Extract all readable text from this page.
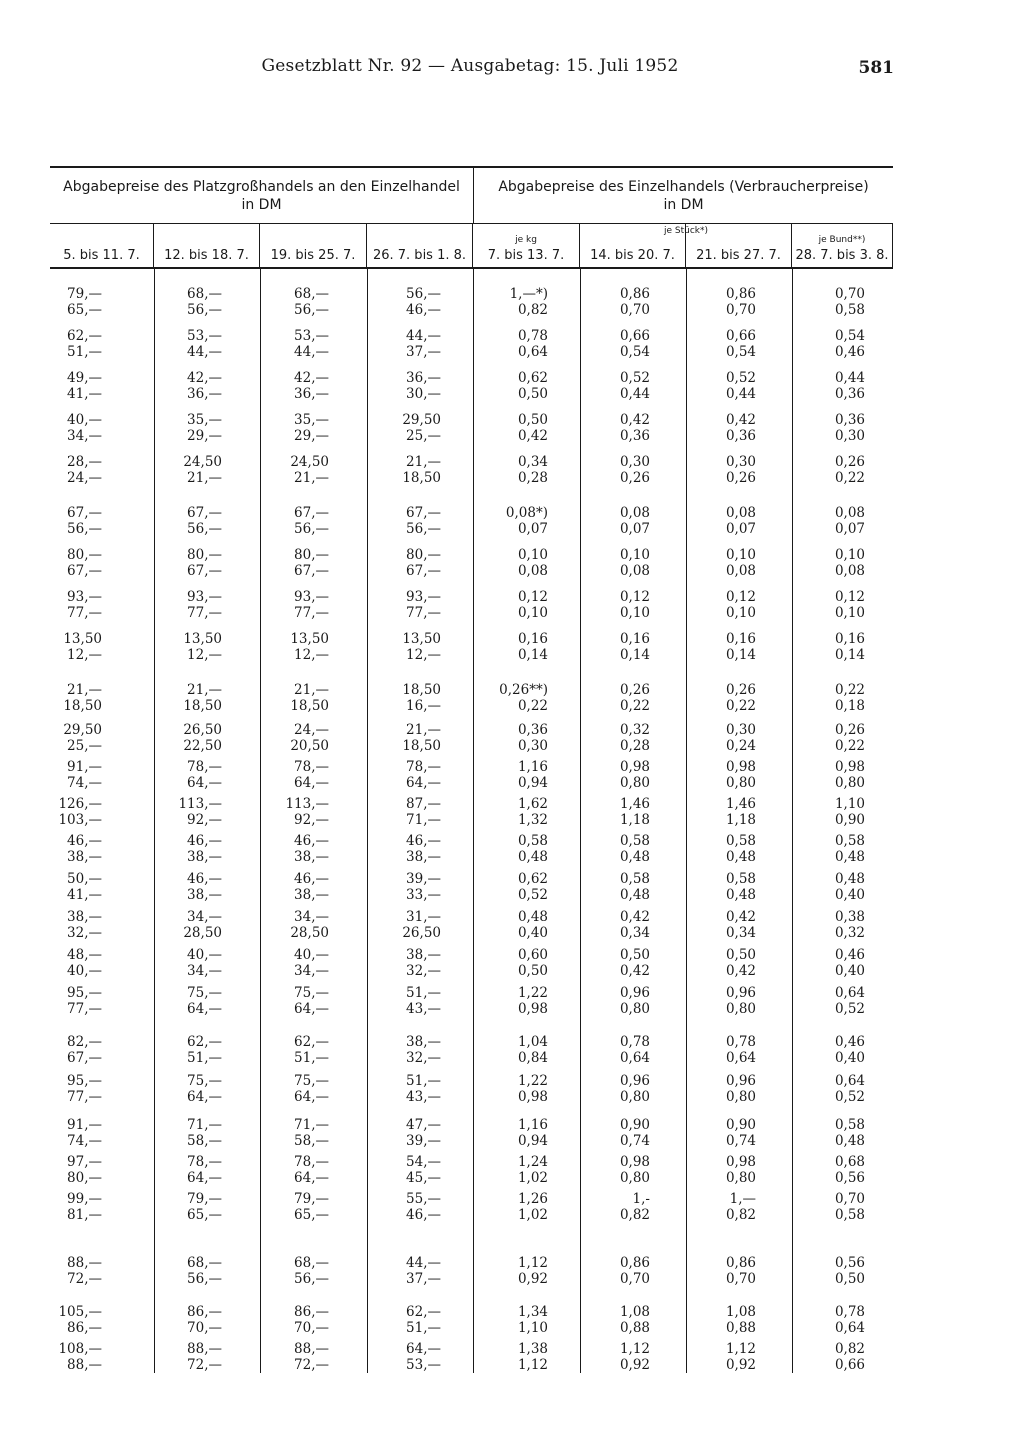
Gesetzblatt Nr. 92 — Ausgabetag: 15. Juli 1952	581
Abgabepreise des Platzgroßhandels an den Einzelhandel
in DM
Abgabepreise des Einzelhandels (Verbraucherpreise)
in DM
5. bis 11. 7. 12. bis 18. 7. 19. bis 25. 7. 26. 7. bis 1. 8.
je kg
7. bis 13. 7. 14. bis 20. 7. 21. bis 27. 7.
je Bund**)
28. 7. bis 3. 8.
je Stück*)
79,—
65,—
68,—
56,—
68,—
56,—
56,—
46,—
1,—*)
0,82
0,86
0,70
0,86
0,70
0,70
0,58
62,—
51,—
53,—
44,—
53,—
44,—
44,—
37,—
0,78
0,64
0,66
0,54
0,66
0,54
0,54
0,46
49,—
41,—
42,—
36,—
42,—
36,—
36,—
30,—
0,62
0,50
0,52
0,44
0,52
0,44
0,44
0,36
40,—
34,—
35,—
29,—
35,—
29,—
29,50
25,—
0,50
0,42
0,42
0,36
0,42
0,36
0,36
0,30
28,—
24,—
24,50
21,—
24,50
21,—
21,—
18,50
0,34
0,28
0,30
0,26
0,30
0,26
0,26
0,22
67,—
56,—
67,—
56,—
67,—
56,—
67,—
56,—
0,08*)
0,07
0,08
0,07
0,08
0,07
0,08
0,07
80,—
67,—
80,—
67,—
80,—
67,—
80,—
67,—
0,10
0,08
0,10
0,08
0,10
0,08
0,10
0,08
93,—
77,—
93,—
77,—
93,—
77,—
93,—
77,—
0,12
0,10
0,12
0,10
0,12
0,10
0,12
0,10
13,50
12,—
13,50
12,—
13,50
12,—
13,50
12,—
0,16
0,14
0,16
0,14
0,16
0,14
0,16
0,14
21,—
18,50
21,—
18,50
21,—
18,50
18,50
16,—
0,26**)
0,22
0,26
0,22
0,26
0,22
0,22
0,18
29,50
25,—
26,50
22,50
24,—
20,50
21,—
18,50
0,36
0,30
0,32
0,28
0,30
0,24
0,26
0,22
91,—
74,—
78,—
64,—
78,—
64,—
78,—
64,—
1,16
0,94
0,98
0,80
0,98
0,80
0,98
0,80
126,—
103,—
113,—
92,—
113,—
92,—
87,—
71,—
1,62
1,32
1,46
1,18
1,46
1,18
1,10
0,90
46,—
38,—
46,—
38,—
46,—
38,—
46,—
38,—
0,58
0,48
0,58
0,48
0,58
0,48
0,58
0,48
50,—
41,—
46,—
38,—
46,—
38,—
39,—
33,—
0,62
0,52
0,58
0,48
0,58
0,48
0,48
0,40
38,—
32,—
34,—
28,50
34,—
28,50
31,—
26,50
0,48
0,40
0,42
0,34
0,42
0,34
0,38
0,32
48,—
40,—
40,—
34,—
40,—
34,—
38,—
32,—
0,60
0,50
0,50
0,42
0,50
0,42
0,46
0,40
95,—
77,—
75,—
64,—
75,—
64,—
51,—
43,—
1,22
0,98
0,96
0,80
0,96
0,80
0,64
0,52
82,—
67,—
62,—
51,—
62,—
51,—
38,—
32,—
1,04
0,84
0,78
0,64
0,78
0,64
0,46
0,40
95,—
77,—
75,—
64,—
75,—
64,—
51,—
43,—
1,22
0,98
0,96
0,80
0,96
0,80
0,64
0,52
91,—
74,—
71,—
58,—
71,—
58,—
47,—
39,—
1,16
0,94
0,90
0,74
0,90
0,74
0,58
0,48
97,—
80,—
78,—
64,—
78,—
64,—
54,—
45,—
1,24
1,02
0,98
0,80
0,98
0,80
0,68
0,56
99,—
81,—
79,—
65,—
79,—
65,—
55,—
46,—
1,26
1,02
1,-
0,82
1,—
0,82
0,70
0,58
88,—
72,—
68,—
56,—
68,—
56,—
44,—
37,—
1,12
0,92
0,86
0,70
0,86
0,70
0,56
0,50
105,—
86,—
86,—
70,—
86,—
70,—
62,—
51,—
1,34
1,10
1,08
0,88
1,08
0,88
0,78
0,64
108,—
88,—
88,—
72,—
88,—
72,—
64,—
53,—
1,38
1,12
1,12
0,92
1,12
0,92
0,82
0,66
